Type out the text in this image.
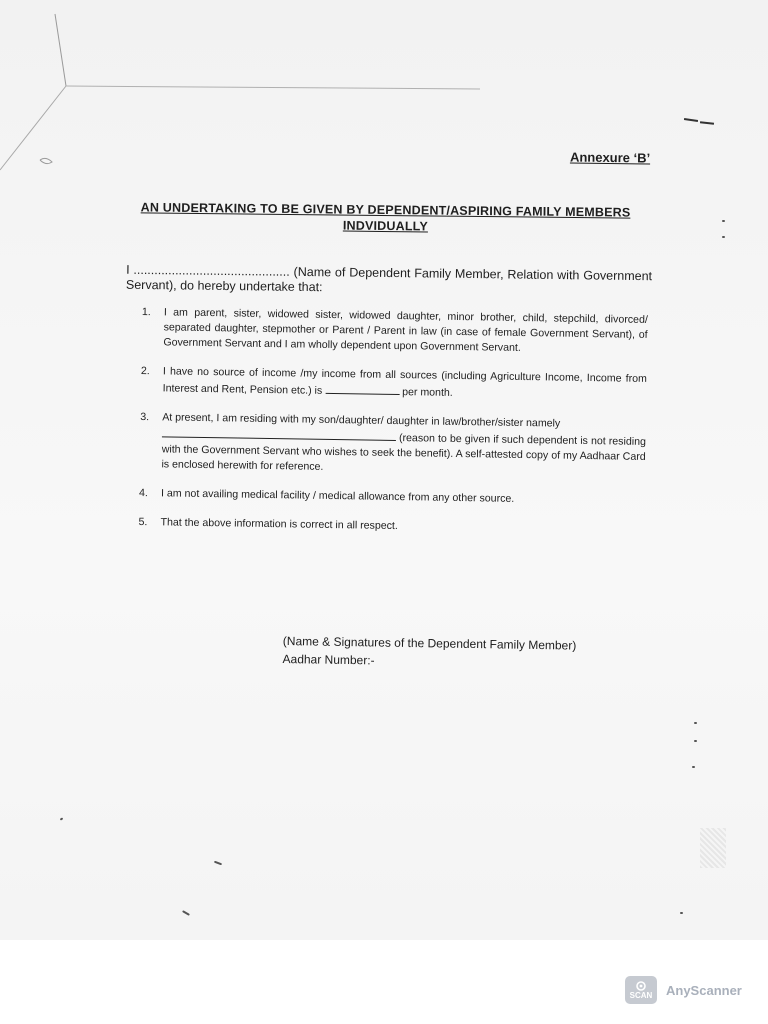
Annexure ‘B’
AN UNDERTAKING TO BE GIVEN BY DEPENDENT/ASPIRING FAMILY MEMBERS
INDVIDUALLY
I ............................................. (Name of Dependent Family Member, Relation with Government Servant), do hereby undertake that:
1.	I am parent, sister, widowed sister, widowed daughter, minor brother, child, stepchild, divorced/ separated daughter, stepmother or Parent / Parent in law (in case of female Government Servant), of Government Servant and I am wholly dependent upon Government Servant.
2.	I have no source of income /my income from all sources (including Agriculture Income, Income from Interest and Rent, Pension etc.) is	per month.
3.	At present, I am residing with my son/daughter/ daughter in law/brother/sister namely
(reason to be given if such dependent is not residing with the Government Servant who wishes to seek the benefit). A self-attested copy of my Aadhaar Card is enclosed herewith for reference.
4.	I am not availing medical facility / medical allowance from any other source.
5.	That the above information is correct in all respect.
(Name & Signatures of the Dependent Family Member)
Aadhar Number:-
SCAN AnyScanner
